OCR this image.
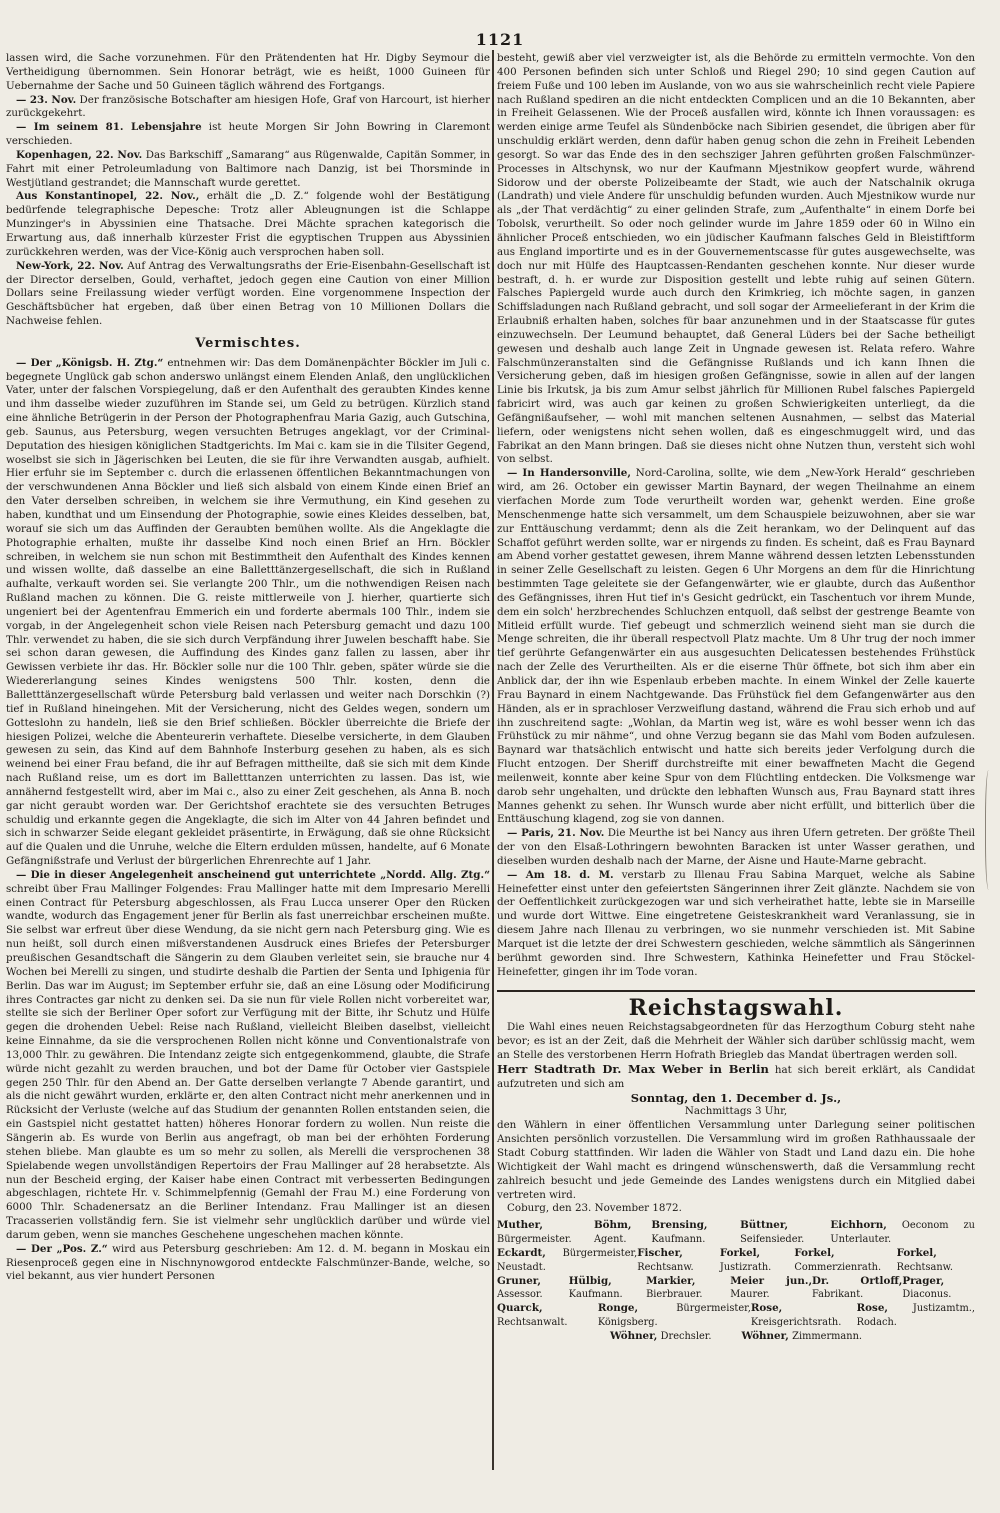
1121

lassen wird, die Sache vorzunehmen. Für den Prätendenten hat Hr. Digby Seymour die Vertheidigung übernommen. Sein Honorar beträgt, wie es heißt, 1000 Guineen für Uebernahme der Sache und 50 Guineen täglich während des Fortgangs.

— 23. Nov. Der französische Botschafter am hiesigen Hofe, Graf von Harcourt, ist hierher zurückgekehrt.

— Im seinem 81. Lebensjahre ist heute Morgen Sir John Bowring in Claremont verschieden.

Kopenhagen, 22. Nov. Das Barkschiff „Samarang“ aus Rügenwalde, Capitän Sommer, in Fahrt mit einer Petroleumladung von Baltimore nach Danzig, ist bei Thorsminde in Westjütland gestrandet; die Mannschaft wurde gerettet.

Aus Konstantinopel, 22. Nov., erhält die „D. Z.“ folgende wohl der Bestätigung bedürfende telegraphische Depesche: Trotz aller Ableugnungen ist die Schlappe Munzinger's in Abyssinien eine Thatsache. Drei Mächte sprachen kategorisch die Erwartung aus, daß innerhalb kürzester Frist die egyptischen Truppen aus Abyssinien zurückkehren werden, was der Vice-König auch versprochen haben soll.

New-York, 22. Nov. Auf Antrag des Verwaltungsraths der Erie-Eisenbahn-Gesellschaft ist der Director derselben, Gould, verhaftet, jedoch gegen eine Caution von einer Million Dollars seine Freilassung wieder verfügt worden. Eine vorgenommene Inspection der Geschäftsbücher hat ergeben, daß über einen Betrag von 10 Millionen Dollars die Nachweise fehlen.

Vermischtes.

— Der „Königsb. H. Ztg.“ entnehmen wir: Das dem Domänenpächter Böckler im Juli c. begegnete Unglück gab schon anderswo unlängst einem Elenden Anlaß, den unglücklichen Vater, unter der falschen Vorspiegelung, daß er den Aufenthalt des geraubten Kindes kenne und ihm dasselbe wieder zuzuführen im Stande sei, um Geld zu betrügen. Kürzlich stand eine ähnliche Betrügerin in der Person der Photographenfrau Maria Gazig, auch Gutschina, geb. Saunus, aus Petersburg, wegen versuchten Betruges angeklagt, vor der Criminal-Deputation des hiesigen königlichen Stadtgerichts. Im Mai c. kam sie in die Tilsiter Gegend, woselbst sie sich in Jägerischken bei Leuten, die sie für ihre Verwandten ausgab, aufhielt. Hier erfuhr sie im September c. durch die erlassenen öffentlichen Bekanntmachungen von der verschwundenen Anna Böckler und ließ sich alsbald von einem Kinde einen Brief an den Vater derselben schreiben, in welchem sie ihre Vermuthung, ein Kind gesehen zu haben, kundthat und um Einsendung der Photographie, sowie eines Kleides desselben, bat, worauf sie sich um das Auffinden der Geraubten bemühen wollte. Als die Angeklagte die Photographie erhalten, mußte ihr dasselbe Kind noch einen Brief an Hrn. Böckler schreiben, in welchem sie nun schon mit Bestimmtheit den Aufenthalt des Kindes kennen und wissen wollte, daß dasselbe an eine Balletttänzergesellschaft, die sich in Rußland aufhalte, verkauft worden sei. Sie verlangte 200 Thlr., um die nothwendigen Reisen nach Rußland machen zu können. Die G. reiste mittlerweile von J. hierher, quartierte sich ungeniert bei der Agentenfrau Emmerich ein und forderte abermals 100 Thlr., indem sie vorgab, in der Angelegenheit schon viele Reisen nach Petersburg gemacht und dazu 100 Thlr. verwendet zu haben, die sie sich durch Verpfändung ihrer Juwelen beschafft habe. Sie sei schon daran gewesen, die Auffindung des Kindes ganz fallen zu lassen, aber ihr Gewissen verbiete ihr das. Hr. Böckler solle nur die 100 Thlr. geben, später würde sie die Wiedererlangung seines Kindes wenigstens 500 Thlr. kosten, denn die Balletttänzergesellschaft würde Petersburg bald verlassen und weiter nach Dorschkin (?) tief in Rußland hineingehen. Mit der Versicherung, nicht des Geldes wegen, sondern um Gotteslohn zu handeln, ließ sie den Brief schließen. Böckler überreichte die Briefe der hiesigen Polizei, welche die Abenteurerin verhaftete. Dieselbe versicherte, in dem Glauben gewesen zu sein, das Kind auf dem Bahnhofe Insterburg gesehen zu haben, als es sich weinend bei einer Frau befand, die ihr auf Befragen mittheilte, daß sie sich mit dem Kinde nach Rußland reise, um es dort im Balletttanzen unterrichten zu lassen. Das ist, wie annähernd festgestellt wird, aber im Mai c., also zu einer Zeit geschehen, als Anna B. noch gar nicht geraubt worden war. Der Gerichtshof erachtete sie des versuchten Betruges schuldig und erkannte gegen die Angeklagte, die sich im Alter von 44 Jahren befindet und sich in schwarzer Seide elegant gekleidet präsentirte, in Erwägung, daß sie ohne Rücksicht auf die Qualen und die Unruhe, welche die Eltern erdulden müssen, handelte, auf 6 Monate Gefängnißstrafe und Verlust der bürgerlichen Ehrenrechte auf 1 Jahr.

— Die in dieser Angelegenheit anscheinend gut unterrichtete „Nordd. Allg. Ztg.“ schreibt über Frau Mallinger Folgendes: Frau Mallinger hatte mit dem Impresario Merelli einen Contract für Petersburg abgeschlossen, als Frau Lucca unserer Oper den Rücken wandte, wodurch das Engagement jener für Berlin als fast unerreichbar erscheinen mußte. Sie selbst war erfreut über diese Wendung, da sie nicht gern nach Petersburg ging. Wie es nun heißt, soll durch einen mißverstandenen Ausdruck eines Briefes der Petersburger preußischen Gesandtschaft die Sängerin zu dem Glauben verleitet sein, sie brauche nur 4 Wochen bei Merelli zu singen, und studirte deshalb die Partien der Senta und Iphigenia für Berlin. Das war im August; im September erfuhr sie, daß an eine Lösung oder Modificirung ihres Contractes gar nicht zu denken sei. Da sie nun für viele Rollen nicht vorbereitet war, stellte sie sich der Berliner Oper sofort zur Verfügung mit der Bitte, ihr Schutz und Hülfe gegen die drohenden Uebel: Reise nach Rußland, vielleicht Bleiben daselbst, vielleicht keine Einnahme, da sie die versprochenen Rollen nicht könne und Conventionalstrafe von 13,000 Thlr. zu gewähren. Die Intendanz zeigte sich entgegenkommend, glaubte, die Strafe würde nicht gezahlt zu werden brauchen, und bot der Dame für October vier Gastspiele gegen 250 Thlr. für den Abend an. Der Gatte derselben verlangte 7 Abende garantirt, und als die nicht gewährt wurden, erklärte er, den alten Contract nicht mehr anerkennen und in Rücksicht der Verluste (welche auf das Studium der genannten Rollen entstanden seien, die ein Gastspiel nicht gestattet hatten) höheres Honorar fordern zu wollen. Nun reiste die Sängerin ab. Es wurde von Berlin aus angefragt, ob man bei der erhöhten Forderung stehen bliebe. Man glaubte es um so mehr zu sollen, als Merelli die versprochenen 38 Spielabende wegen unvollständigen Repertoirs der Frau Mallinger auf 28 herabsetzte. Als nun der Bescheid erging, der Kaiser habe einen Contract mit verbesserten Bedingungen abgeschlagen, richtete Hr. v. Schimmelpfennig (Gemahl der Frau M.) eine Forderung von 6000 Thlr. Schadenersatz an die Berliner Intendanz. Frau Mallinger ist an diesen Tracasserien vollständig fern. Sie ist vielmehr sehr unglücklich darüber und würde viel darum geben, wenn sie manches Geschehene ungeschehen machen könnte.

— Der „Pos. Z.“ wird aus Petersburg geschrieben: Am 12. d. M. begann in Moskau ein Riesenproceß gegen eine in Nischnynowgorod entdeckte Falschmünzer-Bande, welche, so viel bekannt, aus vier hundert Personen

besteht, gewiß aber viel verzweigter ist, als die Behörde zu ermitteln vermochte. Von den 400 Personen befinden sich unter Schloß und Riegel 290; 10 sind gegen Caution auf freiem Fuße und 100 leben im Auslande, von wo aus sie wahrscheinlich recht viele Papiere nach Rußland spediren an die nicht entdeckten Complicen und an die 10 Bekannten, aber in Freiheit Gelassenen. Wie der Proceß ausfallen wird, könnte ich Ihnen voraussagen: es werden einige arme Teufel als Sündenböcke nach Sibirien gesendet, die übrigen aber für unschuldig erklärt werden, denn dafür haben genug schon die zehn in Freiheit Lebenden gesorgt. So war das Ende des in den sechsziger Jahren geführten großen Falschmünzer-Processes in Altschynsk, wo nur der Kaufmann Mjestnikow geopfert wurde, während Sidorow und der oberste Polizeibeamte der Stadt, wie auch der Natschalnik okruga (Landrath) und viele Andere für unschuldig befunden wurden. Auch Mjestnikow wurde nur als „der That verdächtig“ zu einer gelinden Strafe, zum „Aufenthalte“ in einem Dorfe bei Tobolsk, verurtheilt. So oder noch gelinder wurde im Jahre 1859 oder 60 in Wilno ein ähnlicher Proceß entschieden, wo ein jüdischer Kaufmann falsches Geld in Bleistiftform aus England importirte und es in der Gouvernementscasse für gutes ausgewechselte, was doch nur mit Hülfe des Hauptcassen-Rendanten geschehen konnte. Nur dieser wurde bestraft, d. h. er wurde zur Disposition gestellt und lebte ruhig auf seinen Gütern. Falsches Papiergeld wurde auch durch den Krimkrieg, ich möchte sagen, in ganzen Schiffsladungen nach Rußland gebracht, und soll sogar der Armeelieferant in der Krim die Erlaubniß erhalten haben, solches für baar anzunehmen und in der Staatscasse für gutes einzuwechseln. Der Leumund behauptet, daß General Lüders bei der Sache betheiligt gewesen und deshalb auch lange Zeit in Ungnade gewesen ist. Relata refero. Wahre Falschmünzeranstalten sind die Gefängnisse Rußlands und ich kann Ihnen die Versicherung geben, daß im hiesigen großen Gefängnisse, sowie in allen auf der langen Linie bis Irkutsk, ja bis zum Amur selbst jährlich für Millionen Rubel falsches Papiergeld fabricirt wird, was auch gar keinen zu großen Schwierigkeiten unterliegt, da die Gefängnißaufseher, — wohl mit manchen seltenen Ausnahmen, — selbst das Material liefern, oder wenigstens nicht sehen wollen, daß es eingeschmuggelt wird, und das Fabrikat an den Mann bringen. Daß sie dieses nicht ohne Nutzen thun, versteht sich wohl von selbst.

— In Handersonville, Nord-Carolina, sollte, wie dem „New-York Herald“ geschrieben wird, am 26. October ein gewisser Martin Baynard, der wegen Theilnahme an einem vierfachen Morde zum Tode verurtheilt worden war, gehenkt werden. Eine große Menschenmenge hatte sich versammelt, um dem Schauspiele beizuwohnen, aber sie war zur Enttäuschung verdammt; denn als die Zeit herankam, wo der Delinquent auf das Schaffot geführt werden sollte, war er nirgends zu finden. Es scheint, daß es Frau Baynard am Abend vorher gestattet gewesen, ihrem Manne während dessen letzten Lebensstunden in seiner Zelle Gesellschaft zu leisten. Gegen 6 Uhr Morgens an dem für die Hinrichtung bestimmten Tage geleitete sie der Gefangenwärter, wie er glaubte, durch das Außenthor des Gefängnisses, ihren Hut tief in's Gesicht gedrückt, ein Taschentuch vor ihrem Munde, dem ein solch' herzbrechendes Schluchzen entquoll, daß selbst der gestrenge Beamte von Mitleid erfüllt wurde. Tief gebeugt und schmerzlich weinend sieht man sie durch die Menge schreiten, die ihr überall respectvoll Platz machte. Um 8 Uhr trug der noch immer tief gerührte Gefangenwärter ein aus ausgesuchten Delicatessen bestehendes Frühstück nach der Zelle des Verurtheilten. Als er die eiserne Thür öffnete, bot sich ihm aber ein Anblick dar, der ihn wie Espenlaub erbeben machte. In einem Winkel der Zelle kauerte Frau Baynard in einem Nachtgewande. Das Frühstück fiel dem Gefangenwärter aus den Händen, als er in sprachloser Verzweiflung dastand, während die Frau sich erhob und auf ihn zuschreitend sagte: „Wohlan, da Martin weg ist, wäre es wohl besser wenn ich das Frühstück zu mir nähme“, und ohne Verzug begann sie das Mahl vom Boden aufzulesen. Baynard war thatsächlich entwischt und hatte sich bereits jeder Verfolgung durch die Flucht entzogen. Der Sheriff durchstreifte mit einer bewaffneten Macht die Gegend meilenweit, konnte aber keine Spur von dem Flüchtling entdecken. Die Volksmenge war darob sehr ungehalten, und drückte den lebhaften Wunsch aus, Frau Baynard statt ihres Mannes gehenkt zu sehen. Ihr Wunsch wurde aber nicht erfüllt, und bitterlich über die Enttäuschung klagend, zog sie von dannen.

— Paris, 21. Nov. Die Meurthe ist bei Nancy aus ihren Ufern getreten. Der größte Theil der von den Elsaß-Lothringern bewohnten Baracken ist unter Wasser gerathen, und dieselben wurden deshalb nach der Marne, der Aisne und Haute-Marne gebracht.

— Am 18. d. M. verstarb zu Illenau Frau Sabina Marquet, welche als Sabine Heinefetter einst unter den gefeiertsten Sängerinnen ihrer Zeit glänzte. Nachdem sie von der Oeffentlichkeit zurückgezogen war und sich verheirathet hatte, lebte sie in Marseille und wurde dort Wittwe. Eine eingetretene Geisteskrankheit ward Veranlassung, sie in diesem Jahre nach Illenau zu verbringen, wo sie nunmehr verschieden ist. Mit Sabine Marquet ist die letzte der drei Schwestern geschieden, welche sämmtlich als Sängerinnen berühmt geworden sind. Ihre Schwestern, Kathinka Heinefetter und Frau Stöckel-Heinefetter, gingen ihr im Tode voran.

Reichstagswahl.

Die Wahl eines neuen Reichstagsabgeordneten für das Herzogthum Coburg steht nahe bevor; es ist an der Zeit, daß die Mehrheit der Wähler sich darüber schlüssig macht, wem an Stelle des verstorbenen Herrn Hofrath Briegleb das Mandat übertragen werden soll.

Herr Stadtrath Dr. Max Weber in Berlin hat sich bereit erklärt, als Candidat aufzutreten und sich am

Sonntag, den 1. December d. Js.,
Nachmittags 3 Uhr,

den Wählern in einer öffentlichen Versammlung unter Darlegung seiner politischen Ansichten persönlich vorzustellen. Die Versammlung wird im großen Rathhaussaale der Stadt Coburg stattfinden. Wir laden die Wähler von Stadt und Land dazu ein. Die hohe Wichtigkeit der Wahl macht es dringend wünschenswerth, daß die Versammlung recht zahlreich besucht und jede Gemeinde des Landes wenigstens durch ein Mitglied dabei vertreten wird.

Coburg, den 23. November 1872.

Muther, Bürgermeister.
Böhm, Agent.
Brensing, Kaufmann.
Büttner, Seifensieder.
Eichhorn, Oeconom zu Unterlauter.
Eckardt, Bürgermeister, Neustadt.
Fischer, Rechtsanw.
Forkel, Justizrath.
Forkel, Commerzienrath.
Forkel, Rechtsanw.
Gruner, Assessor.
Hülbig, Kaufmann.
Markier, Bierbrauer.
Meier jun., Maurer.
Dr. Ortloff, Fabrikant.
Prager, Diaconus.
Quarck, Rechtsanwalt.
Ronge,	Bürgermeister, Königsberg.
Rose, Kreisgerichtsrath.
Rose,	Justizamtm., Rodach.
Wöhner, Drechsler.	Wöhner, Zimmermann.
